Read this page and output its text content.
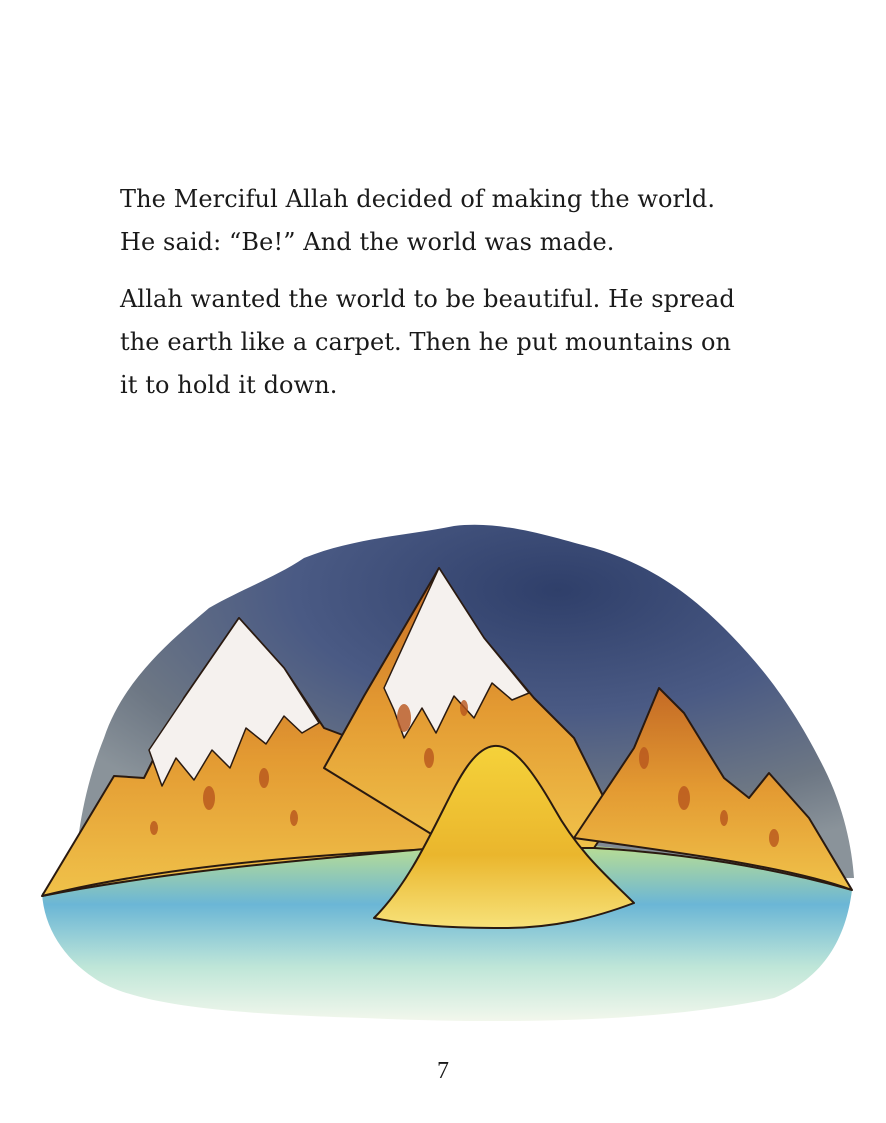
The Merciful Allah decided of making the world.
He said: “Be!” And the world was made.

Allah wanted the world to be beautiful. He spread
the earth like a carpet. Then he put mountains on
it to hold it down.

7
